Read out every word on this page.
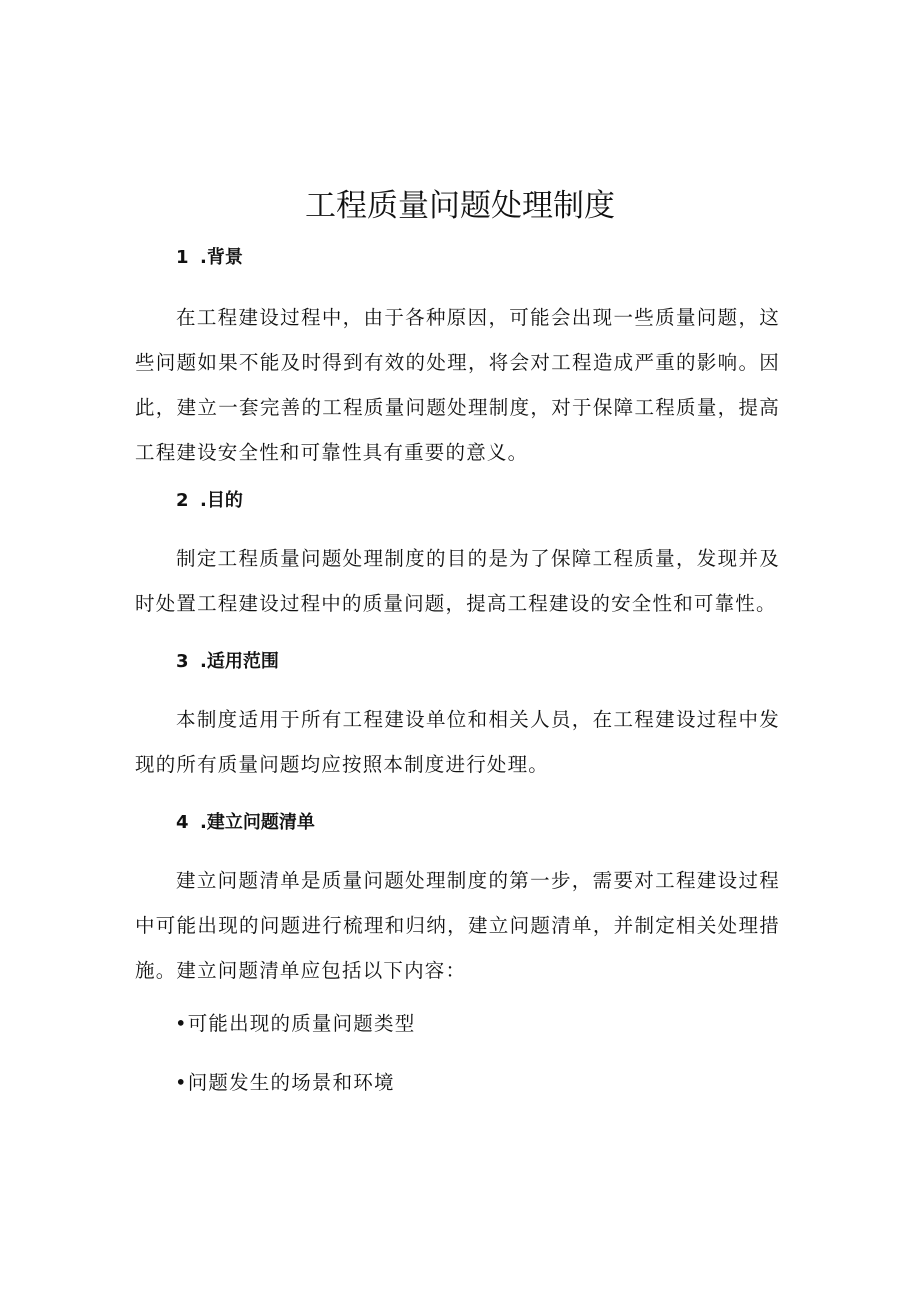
工程质量问题处理制度
1 .背景

在工程建设过程中，由于各种原因，可能会出现一些质量问题，这些问题如果不能及时得到有效的处理，将会对工程造成严重的影响。因此，建立一套完善的工程质量问题处理制度，对于保障工程质量，提高工程建设安全性和可靠性具有重要的意义。

2 .目的

制定工程质量问题处理制度的目的是为了保障工程质量，发现并及时处置工程建设过程中的质量问题，提高工程建设的安全性和可靠性。

3 .适用范围

本制度适用于所有工程建设单位和相关人员，在工程建设过程中发现的所有质量问题均应按照本制度进行处理。

4 .建立问题清单

建立问题清单是质量问题处理制度的第一步，需要对工程建设过程中可能出现的问题进行梳理和归纳，建立问题清单，并制定相关处理措施。建立问题清单应包括以下内容：

•可能出现的质量问题类型

•问题发生的场景和环境
